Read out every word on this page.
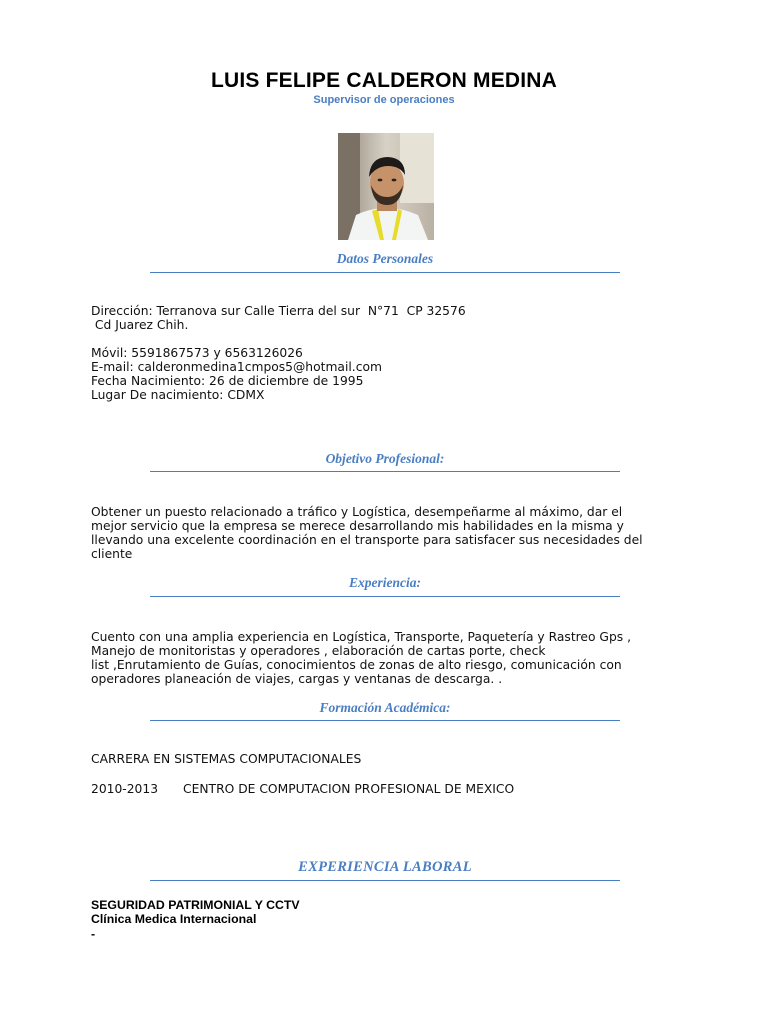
LUIS FELIPE CALDERON MEDINA
Supervisor de operaciones
Datos Personales
Dirección: Terranova sur Calle Tierra del sur  N°71  CP 32576
Cd Juarez Chih.
Móvil: 5591867573 y 6563126026
E-mail: calderonmedina1cmpos5@hotmail.com
Fecha Nacimiento: 26 de diciembre de 1995
Lugar De nacimiento: CDMX
Objetivo Profesional:
Obtener un puesto relacionado a tráfico y Logística, desempeñarme al máximo, dar el
mejor servicio que la empresa se merece desarrollando mis habilidades en la misma y
llevando una excelente coordinación en el transporte para satisfacer sus necesidades del
cliente
Experiencia:
Cuento con una amplia experiencia en Logística, Transporte, Paquetería y Rastreo Gps ,
Manejo de monitoristas y operadores , elaboración de cartas porte, check
list ,Enrutamiento de Guías, conocimientos de zonas de alto riesgo, comunicación con
operadores planeación de viajes, cargas y ventanas de descarga. .
Formación Académica:
CARRERA EN SISTEMAS COMPUTACIONALES
2010-2013	CENTRO DE COMPUTACION PROFESIONAL DE MEXICO
EXPERIENCIA LABORAL
SEGURIDAD PATRIMONIAL Y CCTV
Clínica Medica Internacional
-
